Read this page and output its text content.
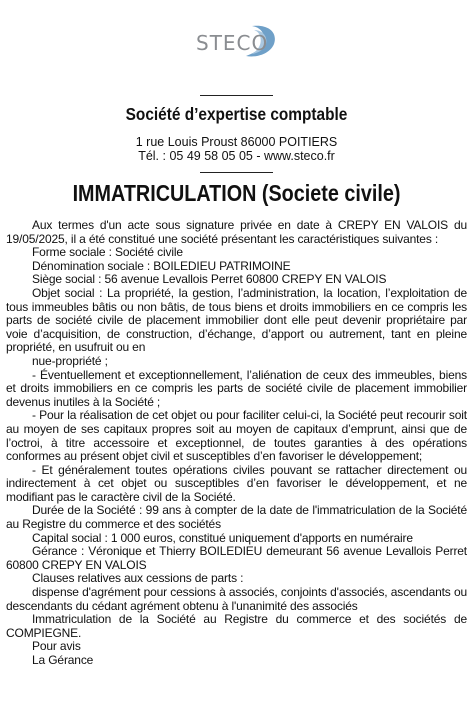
STECO
Société d’expertise comptable
1 rue Louis Proust 86000 POITIERS
Tél. : 05 49 58 05 05 - www.steco.fr
IMMATRICULATION (Societe civile)

Aux termes d'un acte sous signature privée en date à CREPY EN VALOIS du 19/05/2025, il a été constitué une société présentant les caractéristiques suivantes :

Forme sociale : Société civile

Dénomination sociale : BOILEDIEU PATRIMOINE

Siège social : 56 avenue Levallois Perret 60800 CREPY EN VALOIS

Objet social : La propriété, la gestion, l’administration, la location, l’exploitation de tous immeubles bâtis ou non bâtis, de tous biens et droits immobiliers en ce compris les parts de société civile de placement immobilier dont elle peut devenir propriétaire par voie d’acquisition, de construction, d’échange, d’apport ou autrement, tant en pleine propriété, en usufruit ou en

nue-propriété ;

- Éventuellement et exceptionnellement, l’aliénation de ceux des immeubles, biens et droits immobiliers en ce compris les parts de société civile de placement immobilier devenus inutiles à la Société ;

- Pour la réalisation de cet objet ou pour faciliter celui-ci, la Société peut recourir soit au moyen de ses capitaux propres soit au moyen de capitaux d’emprunt, ainsi que de l’octroi, à titre accessoire et exceptionnel, de toutes garanties à des opérations conformes au présent objet civil et susceptibles d’en favoriser le développement;

- Et généralement toutes opérations civiles pouvant se rattacher directement ou indirectement à cet objet ou susceptibles d’en favoriser le développement, et ne modifiant pas le caractère civil de la Société.

Durée de la Société : 99 ans à compter de la date de l'immatriculation de la Société au Registre du commerce et des sociétés

Capital social : 1 000 euros, constitué uniquement d'apports en numéraire

Gérance : Véronique et Thierry BOILEDIEU demeurant 56 avenue Levallois Perret 60800 CREPY EN VALOIS

Clauses relatives aux cessions de parts :

dispense d'agrément pour cessions à associés, conjoints d'associés, ascendants ou descendants du cédant agrément obtenu à l'unanimité des associés

Immatriculation de la Société au Registre du commerce et des sociétés de COMPIEGNE.

Pour avis

La Gérance
